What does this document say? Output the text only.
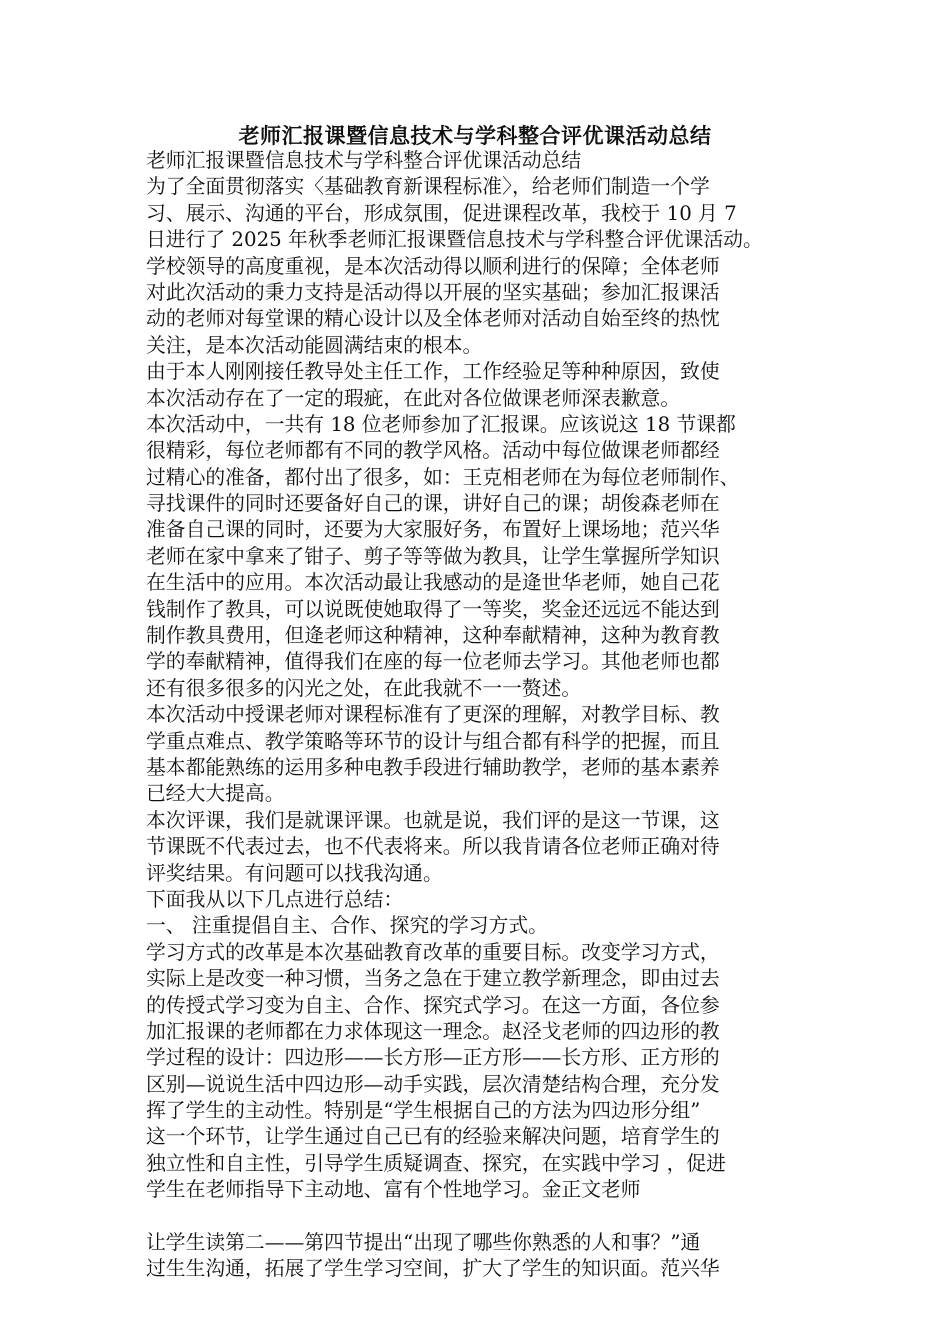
老师汇报课暨信息技术与学科整合评优课活动总结
老师汇报课暨信息技术与学科整合评优课活动总结
为了全面贯彻落实〈基础教育新课程标准〉，给老师们制造一个学
习、展示、沟通的平台，形成氛围，促进课程改革，我校于 10 月 7
日进行了 2025 年秋季老师汇报课暨信息技术与学科整合评优课活动。
学校领导的高度重视，是本次活动得以顺利进行的保障；全体老师
对此次活动的秉力支持是活动得以开展的坚实基础；参加汇报课活
动的老师对每堂课的精心设计以及全体老师对活动自始至终的热忱
关注，是本次活动能圆满结束的根本。
由于本人刚刚接任教导处主任工作，工作经验足等种种原因，致使
本次活动存在了一定的瑕疵，在此对各位做课老师深表歉意。
本次活动中，一共有 18 位老师参加了汇报课。应该说这 18 节课都
很精彩，每位老师都有不同的教学风格。活动中每位做课老师都经
过精心的准备，都付出了很多，如：王克相老师在为每位老师制作、
寻找课件的同时还要备好自己的课，讲好自己的课；胡俊森老师在
准备自己课的同时，还要为大家服好务，布置好上课场地；范兴华
老师在家中拿来了钳子、剪子等等做为教具，让学生掌握所学知识
在生活中的应用。本次活动最让我感动的是逄世华老师，她自己花
钱制作了教具，可以说既使她取得了一等奖，奖金还远远不能达到
制作教具费用，但逄老师这种精神，这种奉献精神，这种为教育教
学的奉献精神，值得我们在座的每一位老师去学习。其他老师也都
还有很多很多的闪光之处，在此我就不一一赘述。
本次活动中授课老师对课程标准有了更深的理解，对教学目标、教
学重点难点、教学策略等环节的设计与组合都有科学的把握，而且
基本都能熟练的运用多种电教手段进行辅助教学，老师的基本素养
已经大大提高。
本次评课，我们是就课评课。也就是说，我们评的是这一节课，这
节课既不代表过去，也不代表将来。所以我肯请各位老师正确对待
评奖结果。有问题可以找我沟通。
下面我从以下几点进行总结：
一、 注重提倡自主、合作、探究的学习方式。
学习方式的改革是本次基础教育改革的重要目标。改变学习方式，
实际上是改变一种习惯，当务之急在于建立教学新理念，即由过去
的传授式学习变为自主、合作、探究式学习。在这一方面，各位参
加汇报课的老师都在力求体现这一理念。赵泾戈老师的四边形的教
学过程的设计：四边形——长方形—正方形——长方形、正方形的
区别—说说生活中四边形—动手实践，层次清楚结构合理，充分发
挥了学生的主动性。特别是“学生根据自己的方法为四边形分组”
这一个环节，让学生通过自己已有的经验来解决问题，培育学生的
独立性和自主性，引导学生质疑调查、探究，在实践中学习 ，促进
学生在老师指导下主动地、富有个性地学习。金正文老师
让学生读第二——第四节提出“出现了哪些你熟悉的人和事？”通
过生生沟通，拓展了学生学习空间，扩大了学生的知识面。范兴华
